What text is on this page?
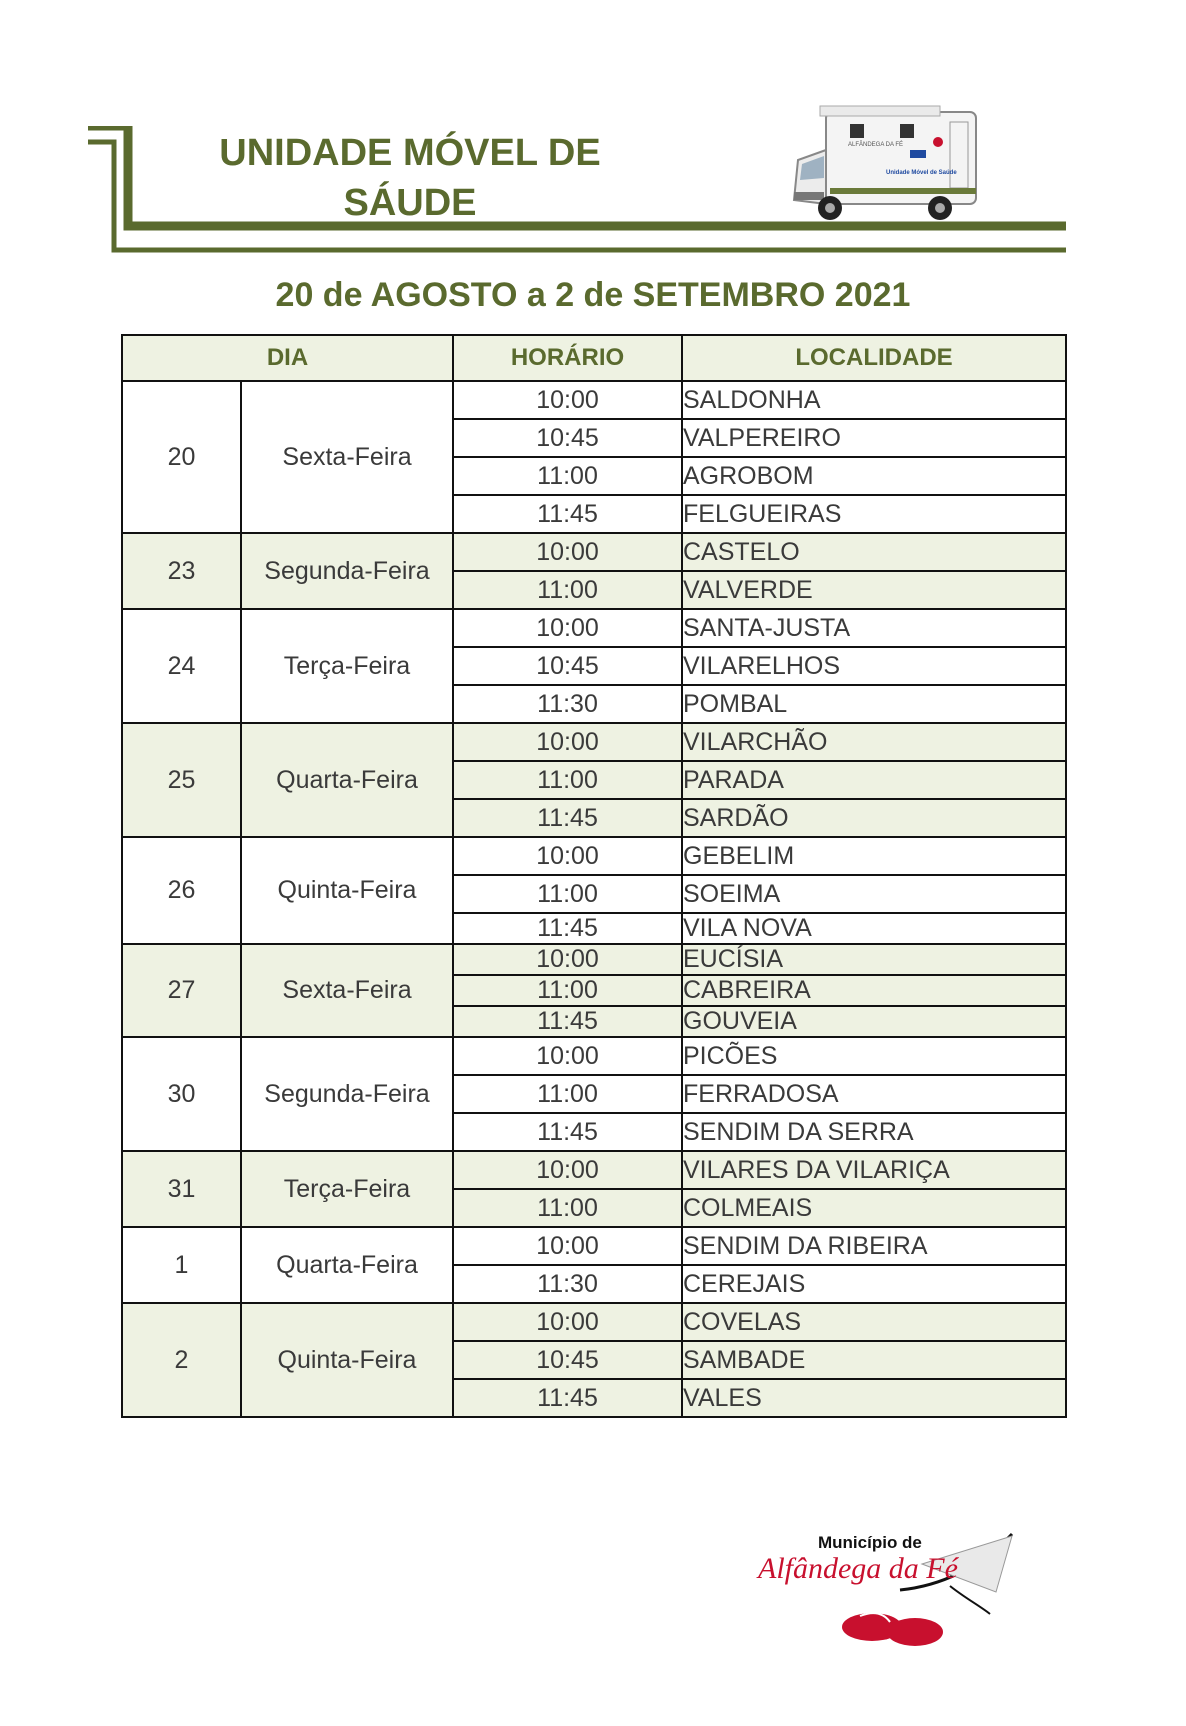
UNIDADE MÓVEL DE
SÁUDE
ALFÂNDEGA DA FÉ
Unidade Móvel de Saúde
20 de AGOSTO a 2 de SETEMBRO 2021
DIA		HORÁRIO	LOCALIDADE
20	Sexta-Feira	10:00	SALDONHA
		10:45	VALPEREIRO
		11:00	AGROBOM
		11:45	FELGUEIRAS
23	Segunda-Feira	10:00	CASTELO
		11:00	VALVERDE
24	Terça-Feira	10:00	SANTA-JUSTA
		10:45	VILARELHOS
		11:30	POMBAL
25	Quarta-Feira	10:00	VILARCHÃO
		11:00	PARADA
		11:45	SARDÃO
26	Quinta-Feira	10:00	GEBELIM
		11:00	SOEIMA
		11:45	VILA NOVA
27	Sexta-Feira	10:00	EUCÍSIA
		11:00	CABREIRA
		11:45	GOUVEIA
30	Segunda-Feira	10:00	PICÕES
		11:00	FERRADOSA
		11:45	SENDIM DA SERRA
31	Terça-Feira	10:00	VILARES DA VILARIÇA
		11:00	COLMEAIS
1	Quarta-Feira	10:00	SENDIM DA RIBEIRA
		11:30	CEREJAIS
2	Quinta-Feira	10:00	COVELAS
		10:45	SAMBADE
		11:45	VALES
Município de
Alfândega da Fé
